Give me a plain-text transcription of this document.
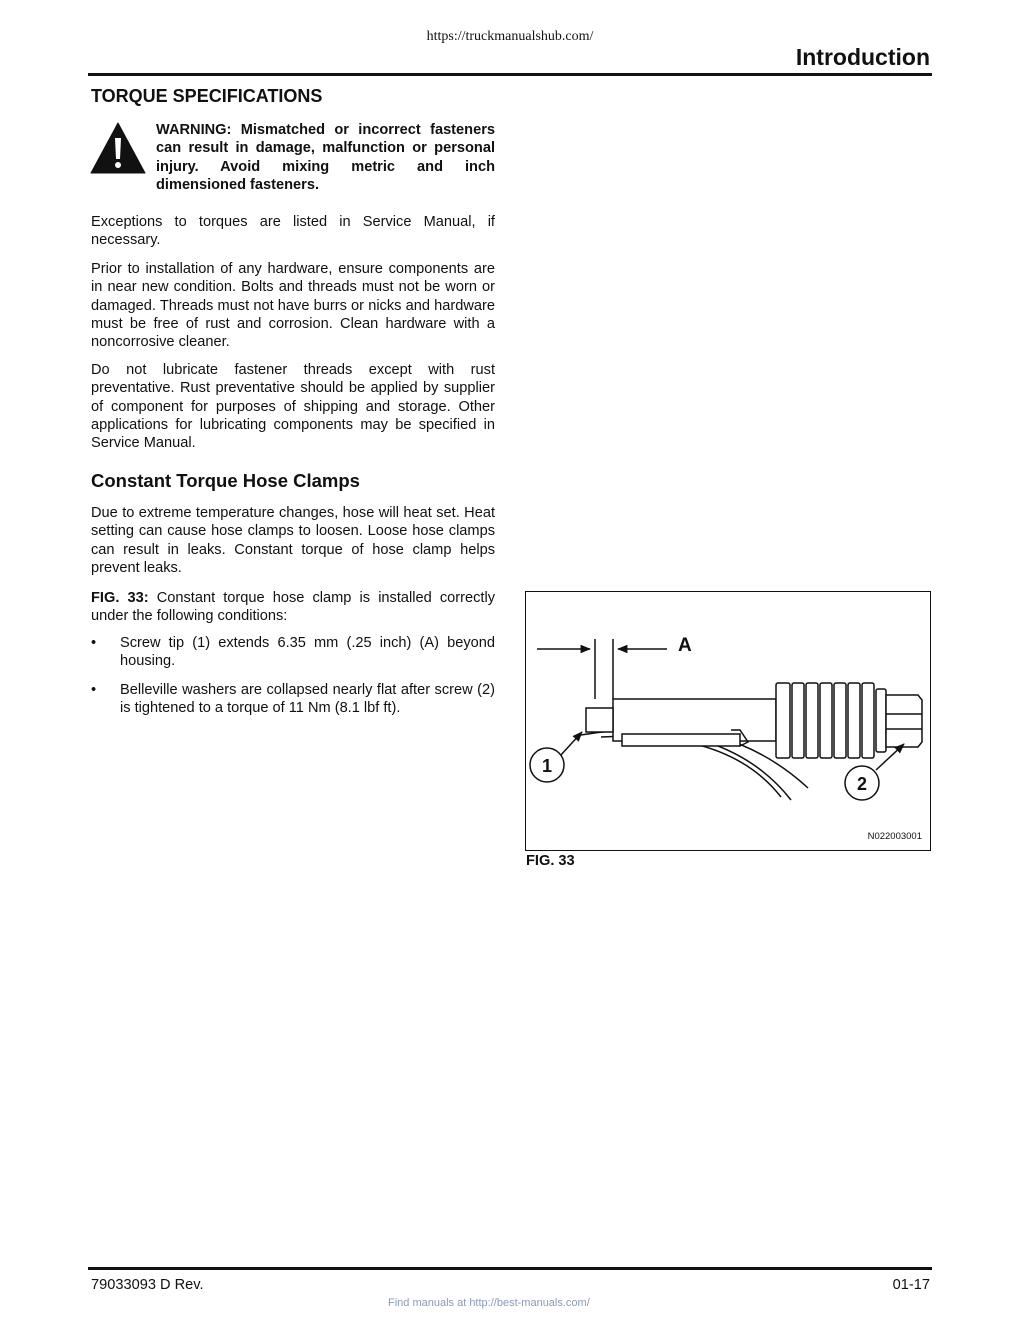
https://truckmanualshub.com/
Introduction
TORQUE SPECIFICATIONS
WARNING: Mismatched or incorrect fasteners can result in damage, malfunction or personal injury. Avoid mixing metric and inch dimensioned fasteners.
Exceptions to torques are listed in Service Manual, if necessary.
Prior to installation of any hardware, ensure components are in near new condition. Bolts and threads must not be worn or damaged. Threads must not have burrs or nicks and hardware must be free of rust and corrosion. Clean hardware with a noncorrosive cleaner.
Do not lubricate fastener threads except with rust preventative. Rust preventative should be applied by supplier of component for purposes of shipping and storage. Other applications for lubricating components may be specified in Service Manual.
Constant Torque Hose Clamps
Due to extreme temperature changes, hose will heat set. Heat setting can cause hose clamps to loosen. Loose hose clamps can result in leaks. Constant torque of hose clamp helps prevent leaks.
FIG. 33: Constant torque hose clamp is installed correctly under the following conditions:
• Screw tip (1) extends 6.35 mm (.25 inch) (A) beyond housing.
• Belleville washers are collapsed nearly flat after screw (2) is tightened to a torque of 11 Nm (8.1 lbf ft).
A
1
2
N022003001
FIG. 33
79033093 D Rev.	01-17
Find manuals at http://best-manuals.com/
